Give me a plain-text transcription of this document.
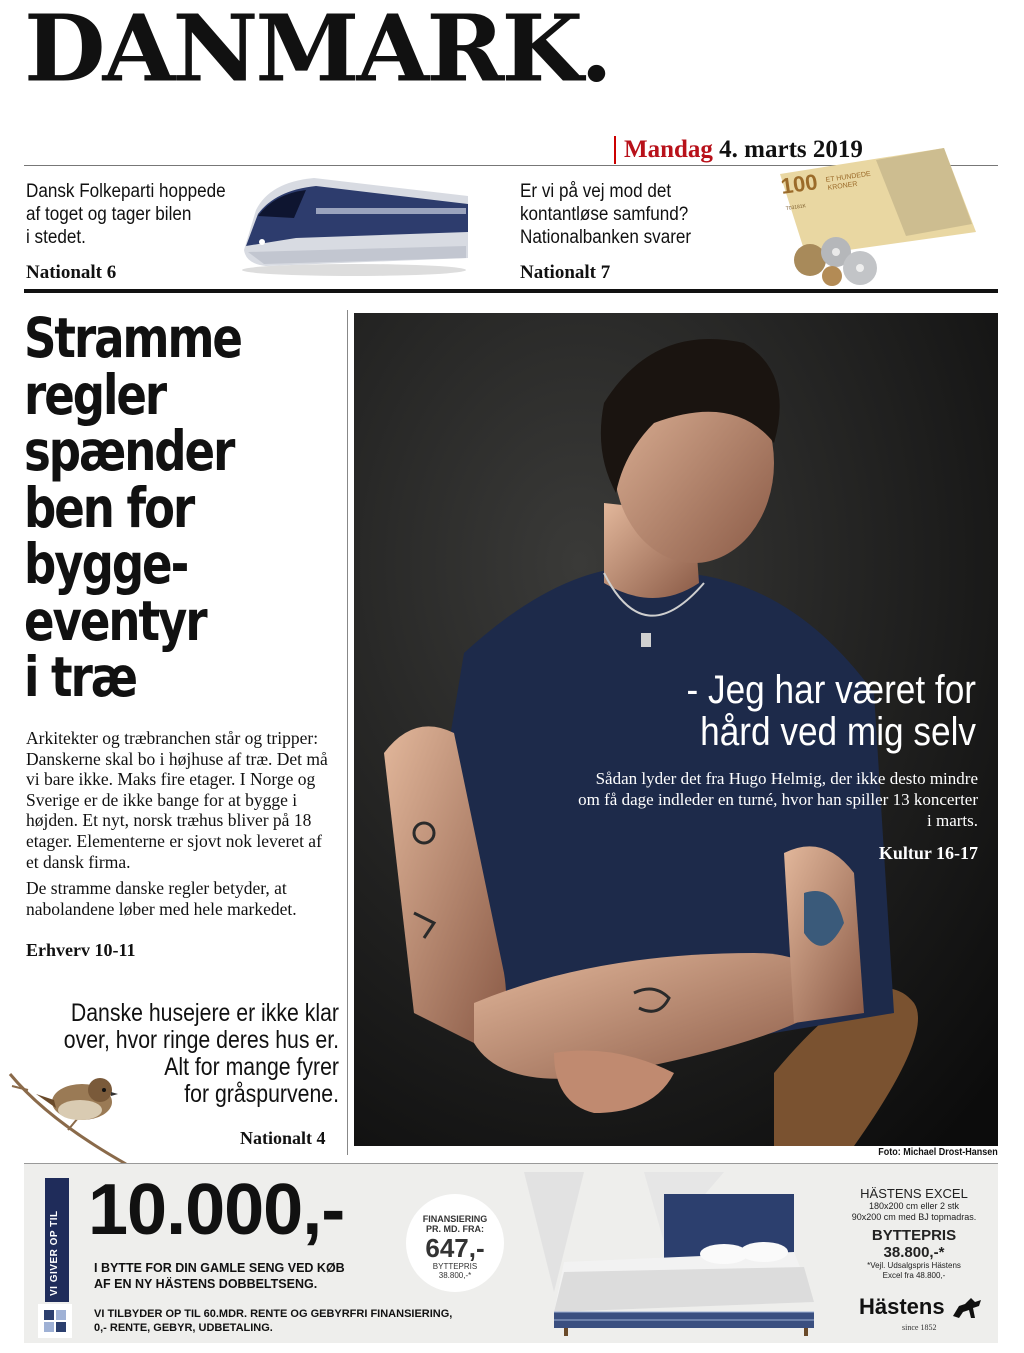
DANMARK.
Mandag 4. marts 2019
Dansk Folkeparti hoppede
af toget og tager bilen
i stedet.
Nationalt 6
Er vi på vej mod det
kontantløse samfund?
Nationalbanken svarer
Nationalt 7
100 ET HUNDEDE
KRONER
T03181K
Stramme
regler
spænder
ben for
bygge-
eventyr
i træ
Arkitekter og træbranchen står og tripper: Danskerne skal bo i højhuse af træ. Det må vi bare ikke. Maks fire etager. I Norge og Sverige er de ikke bange for at bygge i højden. Et nyt, norsk træhus bliver på 18 etager. Elementerne er sjovt nok leveret af et dansk firma.
De stramme danske regler betyder, at nabolandene løber med hele markedet.
Erhverv 10-11
Danske husejere er ikke klar
over, hvor ringe deres hus er.
Alt for mange fyrer
for gråspurvene.
Nationalt 4
- Jeg har været for
hård ved mig selv
Sådan lyder det fra Hugo Helmig, der ikke desto mindre om få dage indleder en turné, hvor han spiller 13 koncerter i marts.
Kultur 16-17
Foto: Michael Drost-Hansen
VI GIVER OP TIL
10.000,-
I BYTTE FOR DIN GAMLE SENG VED KØB
AF EN NY HÄSTENS DOBBELTSENG.
FINANSIERING
PR. MD. FRA:
647,-
BYTTEPRIS
38.800,-*
HÄSTENS EXCEL
180x200 cm eller 2 stk
90x200 cm med BJ topmadras.
BYTTEPRIS
38.800,-*
*Vejl. Udsalgspris Hästens
Excel fra 48.800,-
VI TILBYDER OP TIL 60.MDR. RENTE OG GEBYRFRI FINANSIERING,
0,- RENTE, GEBYR, UDBETALING.
Hästens
since 1852
